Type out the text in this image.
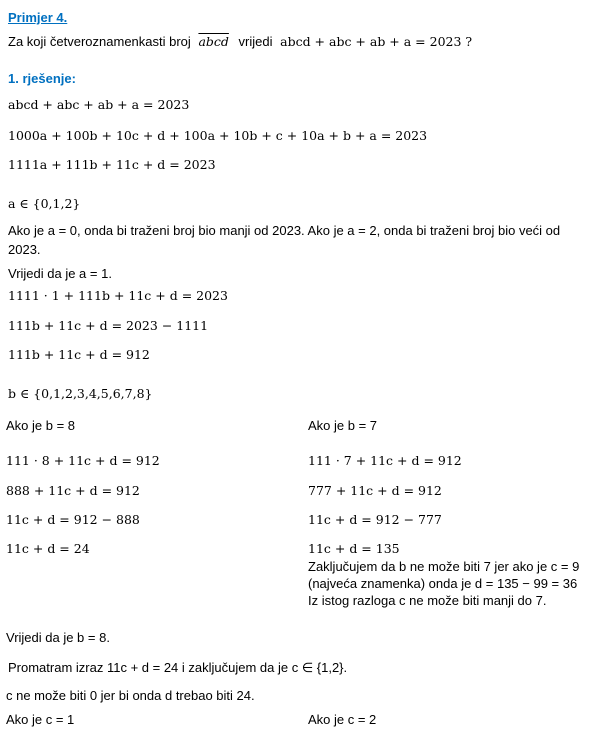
Primjer 4.
Za koji četveroznamenkasti broj abcd vrijedi abcd + abc + ab + a = 2023 ?
1. rješenje:
abcd + abc + ab + a = 2023
1000a + 100b + 10c + d + 100a + 10b + c + 10a + b + a = 2023
1111a + 111b + 11c + d = 2023
a ∈ {0,1,2}
Ako je a = 0, onda bi traženi broj bio manji od 2023. Ako je a = 2, onda bi traženi broj bio veći od
2023.
Vrijedi da je a = 1.
1111 · 1 + 111b + 11c + d = 2023
111b + 11c + d = 2023 − 1111
111b + 11c + d = 912
b ∈ {0,1,2,3,4,5,6,7,8}
Ako je b = 8
111 · 8 + 11c + d = 912
888 + 11c + d = 912
11c + d = 912 − 888
11c + d = 24
Ako je b = 7
111 · 7 + 11c + d = 912
777 + 11c + d = 912
11c + d = 912 − 777
11c + d = 135
Zaključujem da b ne može biti 7 jer ako je c = 9
(najveća znamenka) onda je d = 135 − 99 = 36
Iz istog razloga c ne može biti manji do 7.
Vrijedi da je b = 8.
Promatram izraz 11c + d = 24 i zaključujem da je c ∈ {1,2}.
c ne može biti 0 jer bi onda d trebao biti 24.
Ako je c = 1	Ako je c = 2
